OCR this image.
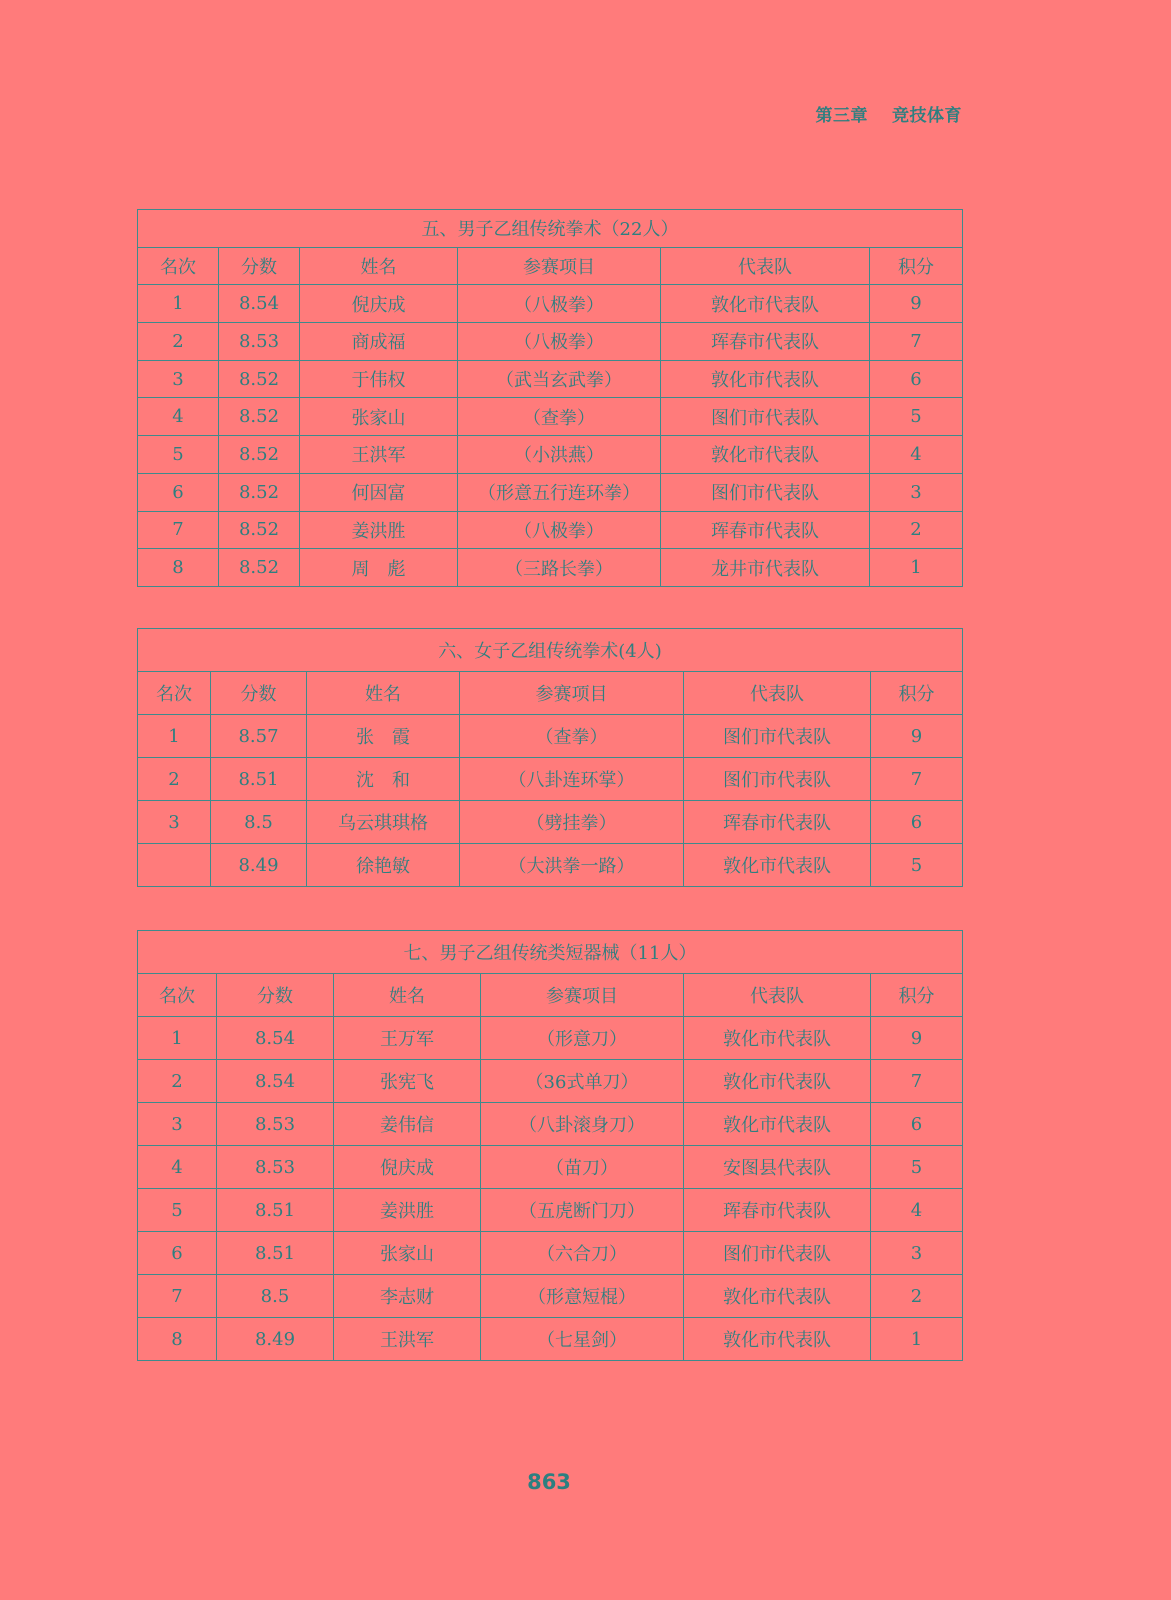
第三章 竞技体育
五、男子乙组传统拳术（22人）					
名次	分数	姓名	参赛项目	代表队	积分
1	8.54	倪庆成	（八极拳）	敦化市代表队	9
2	8.53	商成福	（八极拳）	珲春市代表队	7
3	8.52	于伟权	（武当玄武拳）	敦化市代表队	6
4	8.52	张家山	（查拳）	图们市代表队	5
5	8.52	王洪军	（小洪燕）	敦化市代表队	4
6	8.52	何因富	（形意五行连环拳）	图们市代表队	3
7	8.52	姜洪胜	（八极拳）	珲春市代表队	2
8	8.52	周　彪	（三路长拳）	龙井市代表队	1
六、女子乙组传统拳术(4人)					
名次	分数	姓名	参赛项目	代表队	积分
1	8.57	张　霞	（查拳）	图们市代表队	9
2	8.51	沈　和	（八卦连环掌）	图们市代表队	7
3	8.5	乌云琪琪格	（劈挂拳）	珲春市代表队	6
	8.49	徐艳敏	（大洪拳一路）	敦化市代表队	5
七、男子乙组传统类短器械（11人）					
名次	分数	姓名	参赛项目	代表队	积分
1	8.54	王万军	（形意刀）	敦化市代表队	9
2	8.54	张宪飞	（36式单刀）	敦化市代表队	7
3	8.53	姜伟信	（八卦滚身刀）	敦化市代表队	6
4	8.53	倪庆成	（苗刀）	安图县代表队	5
5	8.51	姜洪胜	（五虎断门刀）	珲春市代表队	4
6	8.51	张家山	（六合刀）	图们市代表队	3
7	8.5	李志财	（形意短棍）	敦化市代表队	2
8	8.49	王洪军	（七星剑）	敦化市代表队	1
863
